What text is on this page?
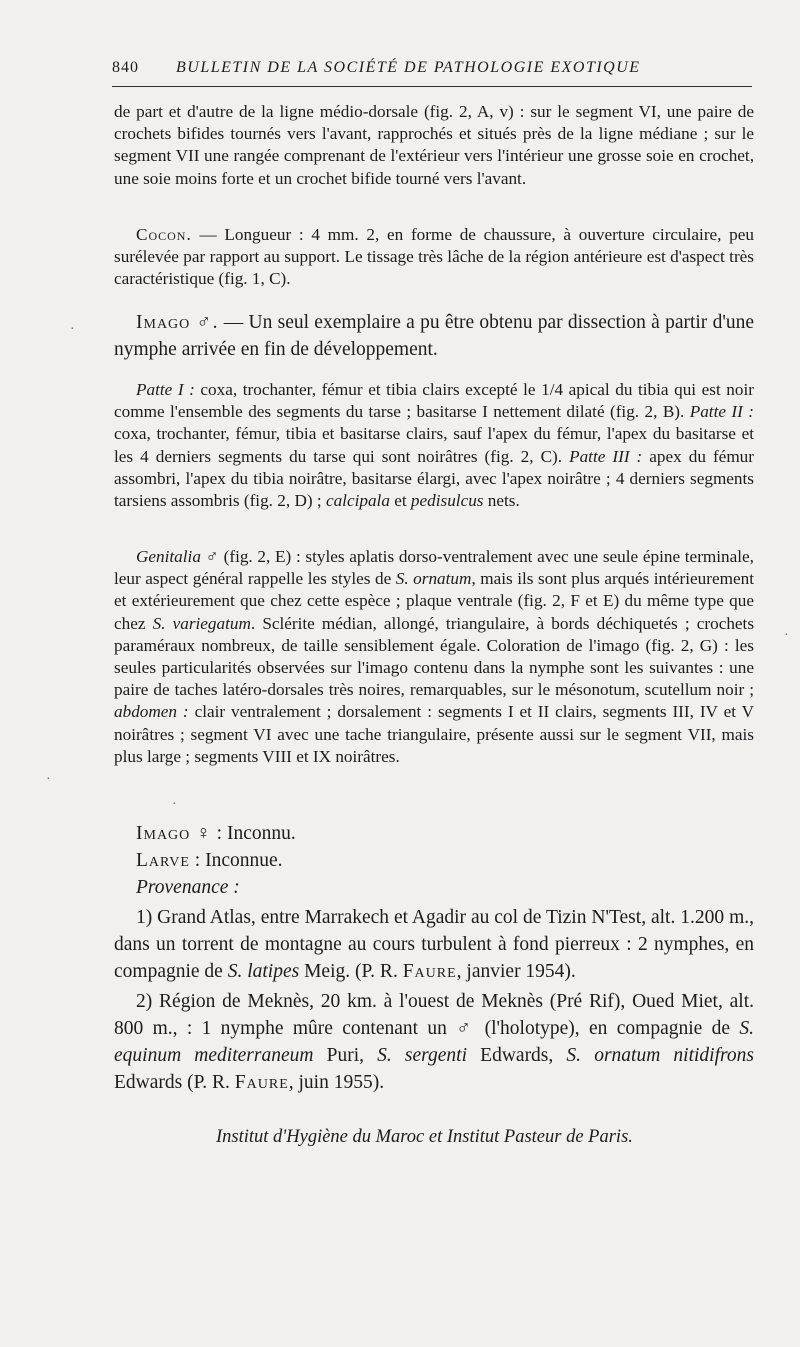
840 BULLETIN DE LA SOCIÉTÉ DE PATHOLOGIE EXOTIQUE

de part et d'autre de la ligne médio-dorsale (fig. 2, A, v) : sur le segment VI, une paire de crochets bifides tournés vers l'avant, rapprochés et situés près de la ligne médiane ; sur le segment VII une rangée comprenant de l'extérieur vers l'intérieur une grosse soie en crochet, une soie moins forte et un crochet bifide tourné vers l'avant.

Cocon. — Longueur : 4 mm. 2, en forme de chaussure, à ouverture circulaire, peu surélevée par rapport au support. Le tissage très lâche de la région antérieure est d'aspect très caractéristique (fig. 1, C).

Imago ♂. — Un seul exemplaire a pu être obtenu par dissection à partir d'une nymphe arrivée en fin de développement.

Patte I : coxa, trochanter, fémur et tibia clairs excepté le 1/4 apical du tibia qui est noir comme l'ensemble des segments du tarse ; basitarse I nettement dilaté (fig. 2, B). Patte II : coxa, trochanter, fémur, tibia et basitarse clairs, sauf l'apex du fémur, l'apex du basitarse et les 4 derniers segments du tarse qui sont noirâtres (fig. 2, C). Patte III : apex du fémur assombri, l'apex du tibia noirâtre, basitarse élargi, avec l'apex noirâtre ; 4 derniers segments tarsiens assombris (fig. 2, D) ; calcipala et pedisulcus nets.

Genitalia ♂ (fig. 2, E) : styles aplatis dorso-ventralement avec une seule épine terminale, leur aspect général rappelle les styles de S. ornatum, mais ils sont plus arqués intérieurement et extérieurement que chez cette espèce ; plaque ventrale (fig. 2, F et E) du même type que chez S. variegatum. Sclérite médian, allongé, triangulaire, à bords déchiquetés ; crochets paraméraux nombreux, de taille sensiblement égale. Coloration de l'imago (fig. 2, G) : les seules particularités observées sur l'imago contenu dans la nymphe sont les suivantes : une paire de taches latéro-dorsales très noires, remarquables, sur le mésonotum, scutellum noir ; abdomen : clair ventralement ; dorsalement : segments I et II clairs, segments III, IV et V noirâtres ; segment VI avec une tache triangulaire, présente aussi sur le segment VII, mais plus large ; segments VIII et IX noirâtres.

Imago ♀ : Inconnu.

Larve : Inconnue.

Provenance :

1) Grand Atlas, entre Marrakech et Agadir au col de Tizin N'Test, alt. 1.200 m., dans un torrent de montagne au cours turbulent à fond pierreux : 2 nymphes, en compagnie de S. latipes Meig. (P. R. Faure, janvier 1954).

2) Région de Meknès, 20 km. à l'ouest de Meknès (Pré Rif), Oued Miet, alt. 800 m., : 1 nymphe mûre contenant un ♂ (l'holotype), en compagnie de S. equinum mediterraneum Puri, S. sergenti Edwards, S. ornatum nitidifrons Edwards (P. R. Faure, juin 1955).

Institut d'Hygiène du Maroc et Institut Pasteur de Paris.

·
·
·
·
